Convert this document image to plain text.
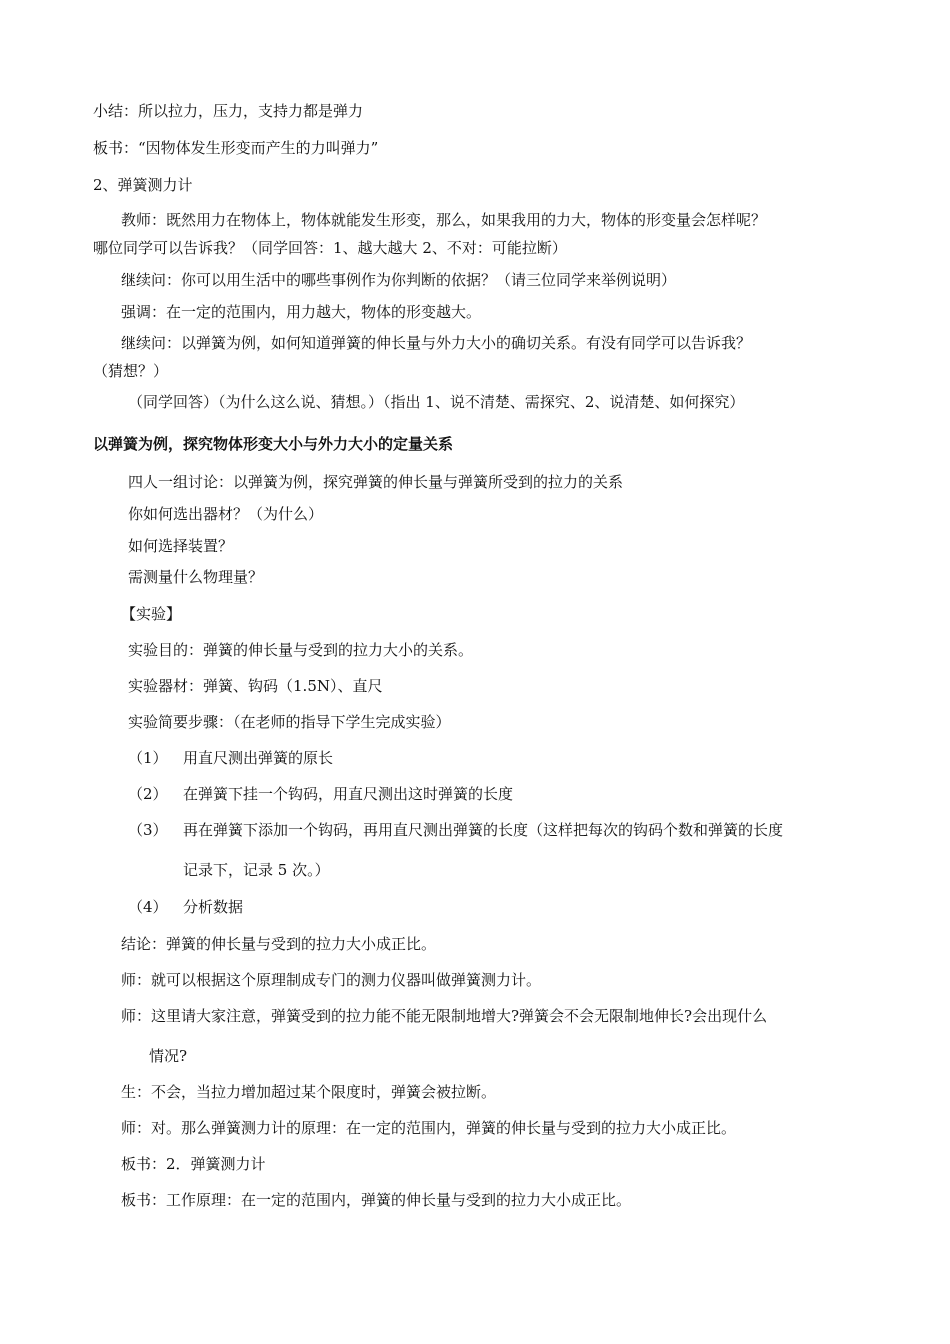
小结：所以拉力，压力，支持力都是弹力
板书：“因物体发生形变而产生的力叫弹力”
2、弹簧测力计
教师：既然用力在物体上，物体就能发生形变，那么，如果我用的力大，物体的形变量会怎样呢？
哪位同学可以告诉我？（同学回答：1、越大越大 2、不对：可能拉断）
继续问：你可以用生活中的哪些事例作为你判断的依据？（请三位同学来举例说明）
强调：在一定的范围内，用力越大，物体的形变越大。
继续问：以弹簧为例，如何知道弹簧的伸长量与外力大小的确切关系。有没有同学可以告诉我？
（猜想？）
（同学回答）（为什么这么说、猜想。）（指出 1、说不清楚、需探究、2、说清楚、如何探究）
以弹簧为例，探究物体形变大小与外力大小的定量关系
四人一组讨论：以弹簧为例，探究弹簧的伸长量与弹簧所受到的拉力的关系
你如何选出器材？（为什么）
如何选择装置？
需测量什么物理量？
【实验】
实验目的：弹簧的伸长量与受到的拉力大小的关系。
实验器材：弹簧、钩码（1.5N）、直尺
实验简要步骤：（在老师的指导下学生完成实验）
（1） 用直尺测出弹簧的原长
（2） 在弹簧下挂一个钩码，用直尺测出这时弹簧的长度
（3） 再在弹簧下添加一个钩码，再用直尺测出弹簧的长度（这样把每次的钩码个数和弹簧的长度
记录下，记录 5 次。）
（4） 分析数据
结论：弹簧的伸长量与受到的拉力大小成正比。
师：就可以根据这个原理制成专门的测力仪器叫做弹簧测力计。
师：这里请大家注意，弹簧受到的拉力能不能无限制地增大?弹簧会不会无限制地伸长?会出现什么
情况?
生：不会，当拉力增加超过某个限度时，弹簧会被拉断。
师：对。那么弹簧测力计的原理：在一定的范围内，弹簧的伸长量与受到的拉力大小成正比。
板书：2．弹簧测力计
板书：工作原理：在一定的范围内，弹簧的伸长量与受到的拉力大小成正比。
